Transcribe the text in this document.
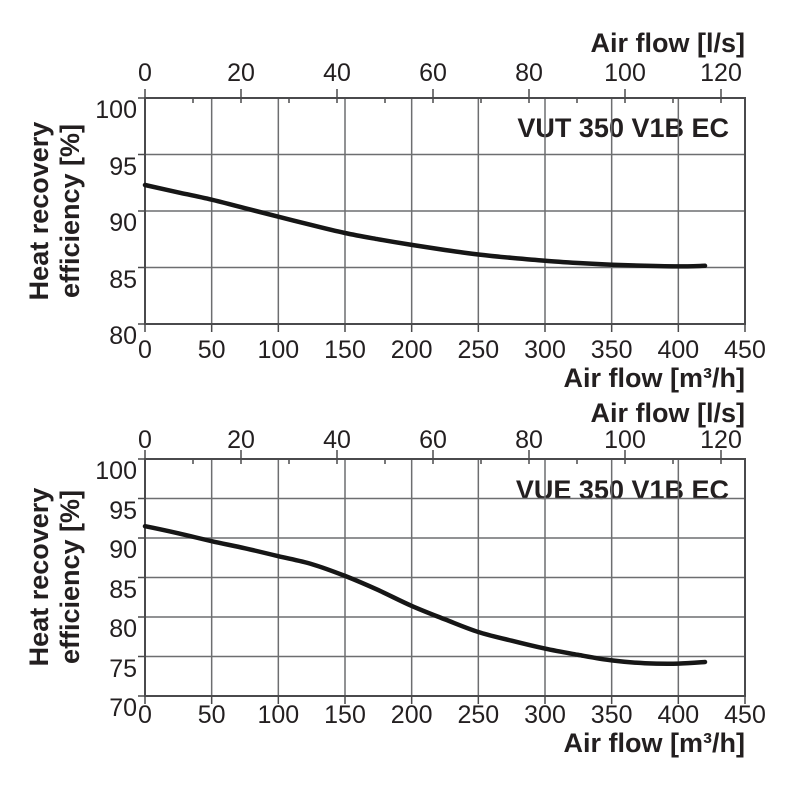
Air flow [l/s]
Heat recovery efficiency [%]	VUT 350 V1B EC
Air flow [m³/h]
Air flow [l/s]
Heat recovery efficiency [%]	VUE 350 V1B EC
Air flow [m³/h]
0	20	40	60	80 100 120
0 50 100 150 200 250 300 350 400 450
100
95
90
85
80
0	20	40	60	80 100 120
0 50 100 150 200 250 300 350 400 450
100
95
90
85
80
75
70
